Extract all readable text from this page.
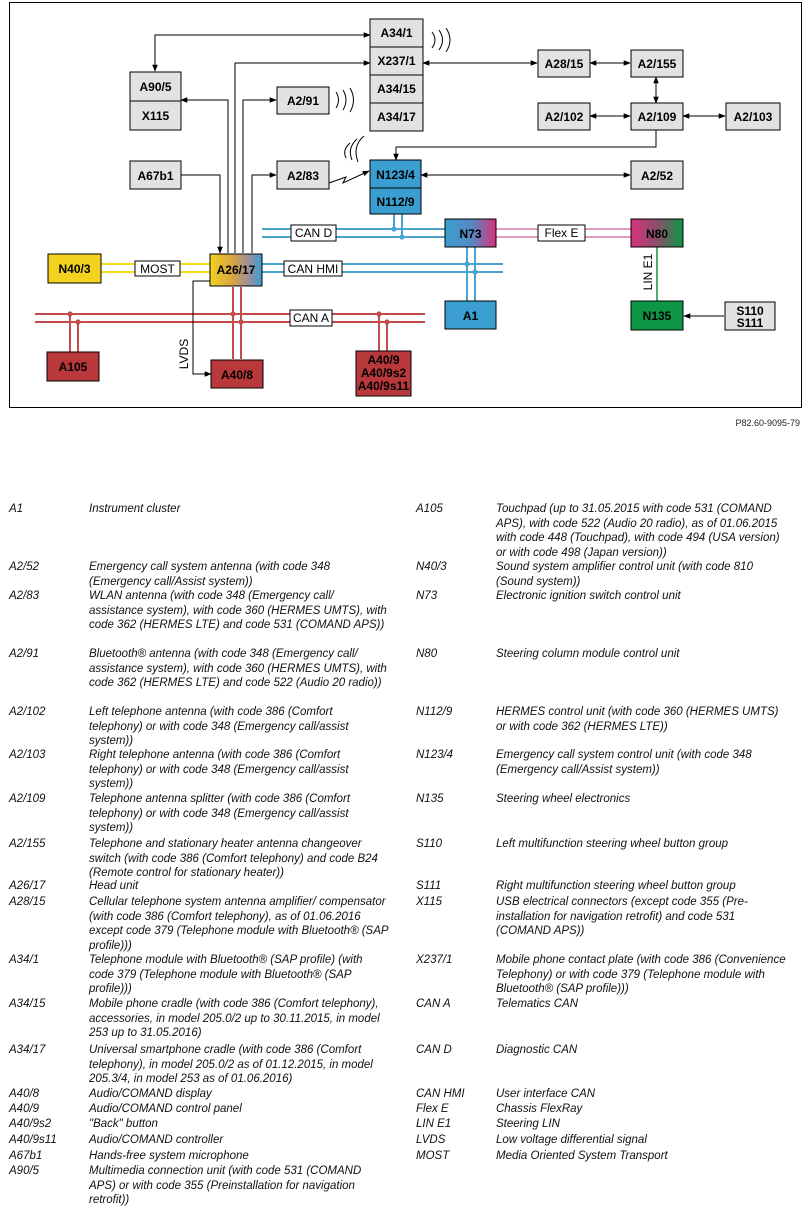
A34/1
X237/1
A34/15
A34/17
A90/5
X115
A2/91
A28/15	A2/155
A2/102	A2/109	A2/103
A67b1	A2/83	N123/4
N112/9
A2/52
N73	N80
N40/3	A26/17
A1	N135	S110
S111
A105
A40/8
A40/9
A40/9s2
A40/9s11
CAN D	Flex E
MOST	CAN HMI
CAN A
LIN E1
LVDS
P82.60-9095-79
A1	Instrument cluster
A2/52	Emergency call system antenna (with code 348 (Emergency call/Assist system))
A2/83	WLAN antenna (with code 348 (Emergency call/ assistance system), with code 360 (HERMES UMTS), with code 362 (HERMES LTE) and code 531 (COMAND APS))
A2/91	Bluetooth® antenna (with code 348 (Emergency call/ assistance system), with code 360 (HERMES UMTS), with code 362 (HERMES LTE) and code 522 (Audio 20 radio))
A2/102	Left telephone antenna (with code 386 (Comfort telephony) or with code 348 (Emergency call/assist system))
A2/103	Right telephone antenna (with code 386 (Comfort telephony) or with code 348 (Emergency call/assist system))
A2/109	Telephone antenna splitter (with code 386 (Comfort telephony) or with code 348 (Emergency call/assist system))
A2/155	Telephone and stationary heater antenna changeover switch (with code 386 (Comfort telephony) and code B24 (Remote control for stationary heater))
A26/17	Head unit
A28/15	Cellular telephone system antenna amplifier/ compensator (with code 386 (Comfort telephony), as of 01.06.2016 except code 379 (Telephone module with Bluetooth® (SAP profile)))
A34/1	Telephone module with Bluetooth® (SAP profile) (with code 379 (Telephone module with Bluetooth® (SAP profile)))
A34/15	Mobile phone cradle (with code 386 (Comfort telephony), accessories, in model 205.0/2 up to 30.11.2015, in model 253 up to 31.05.2016)
A34/17	Universal smartphone cradle (with code 386 (Comfort telephony), in model 205.0/2 as of 01.12.2015, in model 205.3/4, in model 253 as of 01.06.2016)
A40/8	Audio/COMAND display
A40/9	Audio/COMAND control panel
A40/9s2	"Back" button
A40/9s11	Audio/COMAND controller
A67b1	Hands-free system microphone
A90/5	Multimedia connection unit (with code 531 (COMAND APS) or with code 355 (Preinstallation for navigation retrofit))
A105	Touchpad (up to 31.05.2015 with code 531 (COMAND APS), with code 522 (Audio 20 radio), as of 01.06.2015 with code 448 (Touchpad), with code 494 (USA version) or with code 498 (Japan version))
N40/3	Sound system amplifier control unit (with code 810 (Sound system))
N73	Electronic ignition switch control unit
N80	Steering column module control unit
N112/9	HERMES control unit (with code 360 (HERMES UMTS) or with code 362 (HERMES LTE))
N123/4	Emergency call system control unit (with code 348 (Emergency call/Assist system))
N135	Steering wheel electronics
S110	Left multifunction steering wheel button group
S111	Right multifunction steering wheel button group
X115	USB electrical connectors (except code 355 (Pre-installation for navigation retrofit) and code 531 (COMAND APS))
X237/1	Mobile phone contact plate (with code 386 (Convenience Telephony) or with code 379 (Telephone module with Bluetooth® (SAP profile)))
CAN A	Telematics CAN
CAN D	Diagnostic CAN
CAN HMI	User interface CAN
Flex E	Chassis FlexRay
LIN E1	Steering LIN
LVDS	Low voltage differential signal
MOST	Media Oriented System Transport
